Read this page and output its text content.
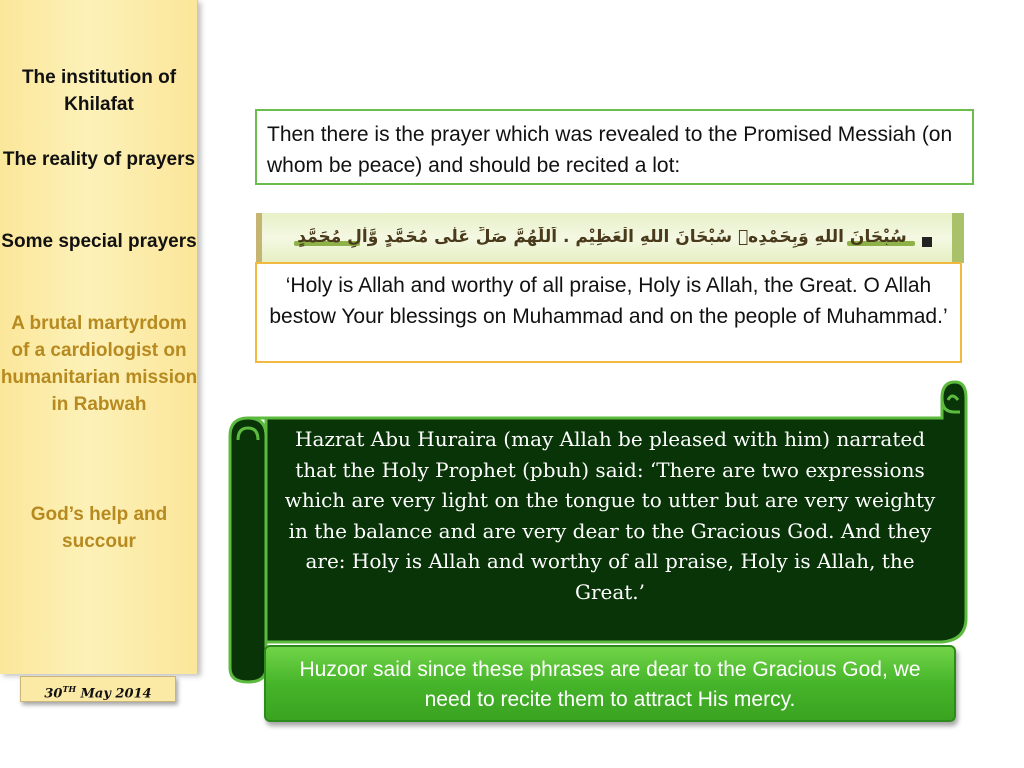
The institution of Khilafat
The reality of prayers
Some special prayers
A brutal martyrdom of a cardiologist on humanitarian mission in Rabwah
God’s help and succour
30TH May 2014
Then there is the prayer which was revealed to the Promised Messiah (on whom be peace) and should be recited a lot:
سُبْحَانَ اللهِ وَبِحَمْدِهٖ سُبْحَانَ اللهِ الْعَظِيْم . اَللّٰهُمَّ صَلِّ عَلٰى مُحَمَّدٍ وَّاٰلِ مُحَمَّدٍ
‘Holy is Allah and worthy of all praise, Holy is Allah, the Great. O Allah bestow Your blessings on Muhammad and on the people of Muhammad.’
Hazrat Abu Huraira (may Allah be pleased with him) narrated that the Holy Prophet (pbuh) said: ‘There are two expressions which are very light on the tongue to utter but are very weighty in the balance and are very dear to the Gracious God. And they are: Holy is Allah and worthy of all praise, Holy is Allah, the Great.’
Huzoor said since these phrases are dear to the Gracious God, we need to recite them to attract His mercy.
